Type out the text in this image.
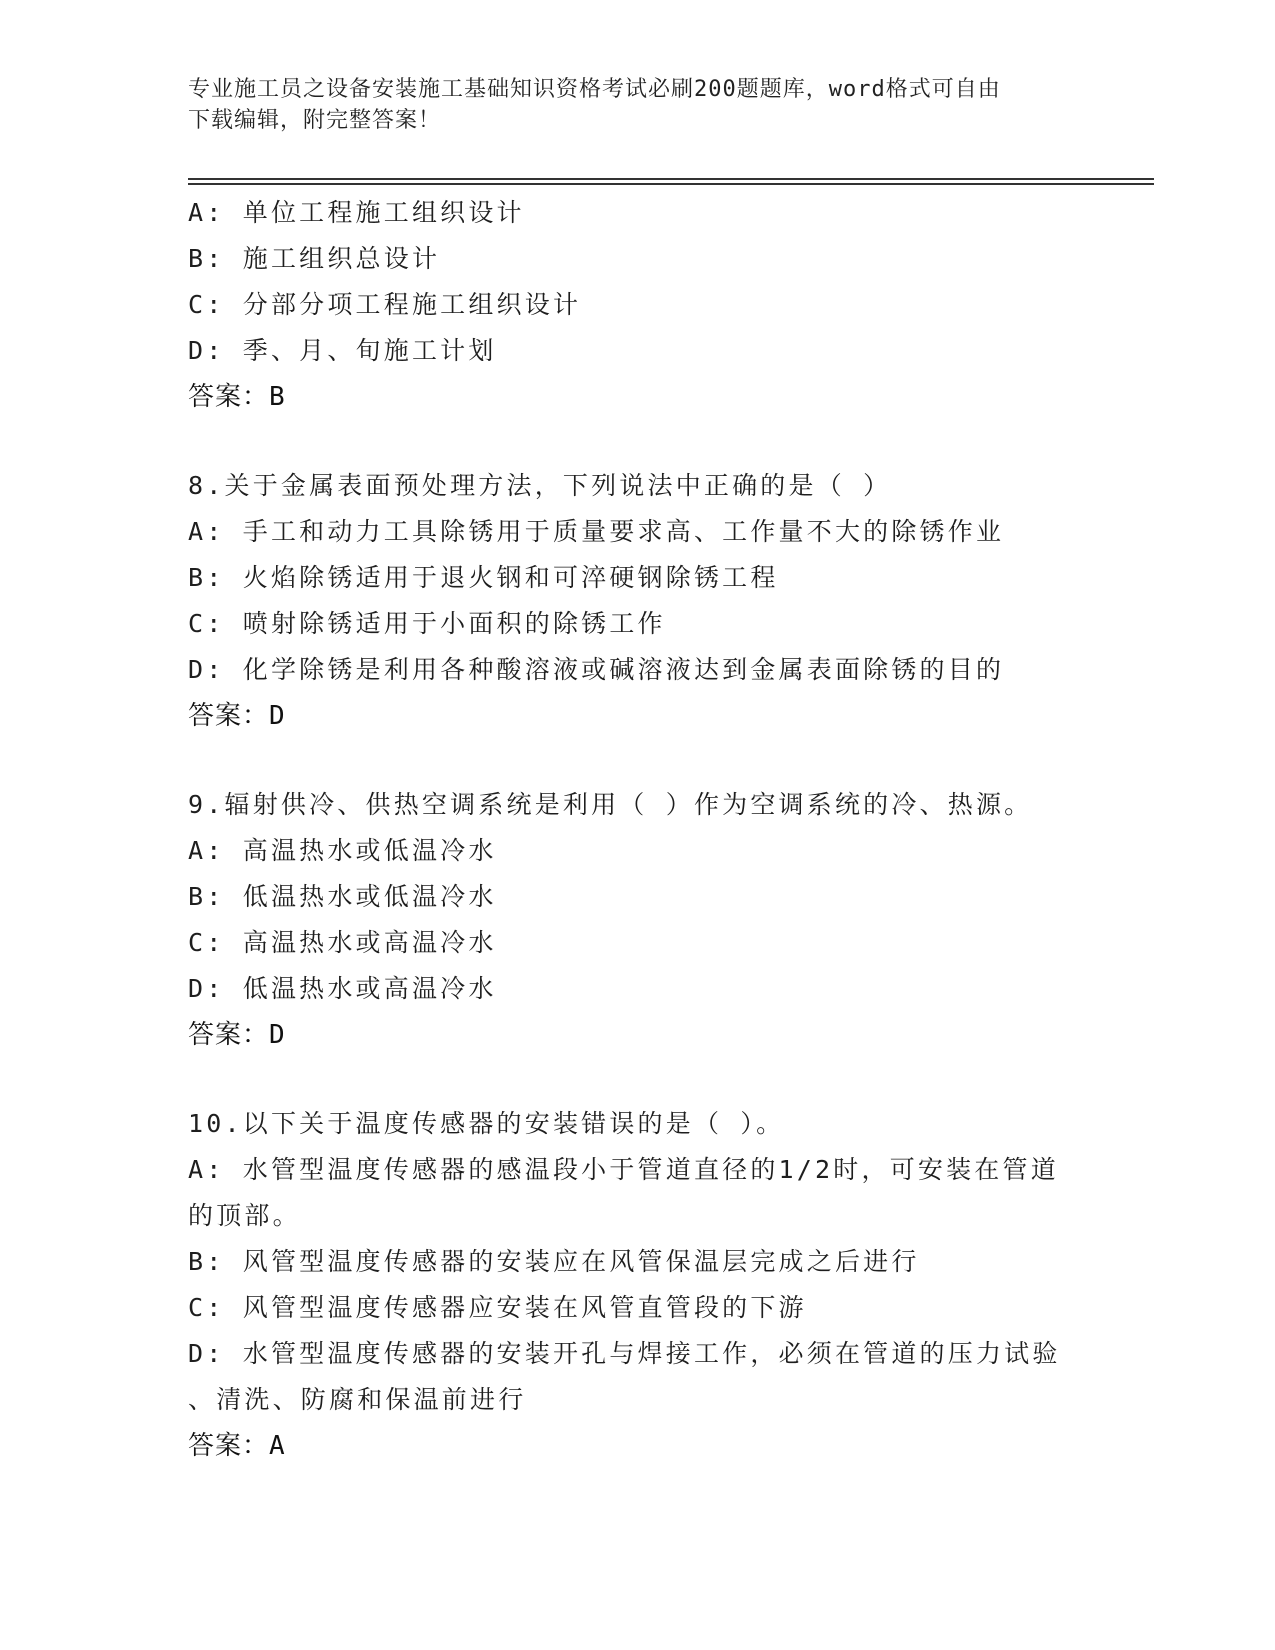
专业施工员之设备安装施工基础知识资格考试必刷200题题库，word格式可自由
下载编辑，附完整答案！
A: 单位工程施工组织设计
B: 施工组织总设计
C: 分部分项工程施工组织设计
D: 季、月、旬施工计划
答案：B
8.关于金属表面预处理方法，下列说法中正确的是（ ）
A: 手工和动力工具除锈用于质量要求高、工作量不大的除锈作业
B: 火焰除锈适用于退火钢和可淬硬钢除锈工程
C: 喷射除锈适用于小面积的除锈工作
D: 化学除锈是利用各种酸溶液或碱溶液达到金属表面除锈的目的
答案：D
9.辐射供冷、供热空调系统是利用（ ）作为空调系统的冷、热源。
A: 高温热水或低温冷水
B: 低温热水或低温冷水
C: 高温热水或高温冷水
D: 低温热水或高温冷水
答案：D
10.以下关于温度传感器的安装错误的是（ ）。
A: 水管型温度传感器的感温段小于管道直径的1/2时，可安装在管道
的顶部。
B: 风管型温度传感器的安装应在风管保温层完成之后进行
C: 风管型温度传感器应安装在风管直管段的下游
D: 水管型温度传感器的安装开孔与焊接工作，必须在管道的压力试验
、清洗、防腐和保温前进行
答案：A
